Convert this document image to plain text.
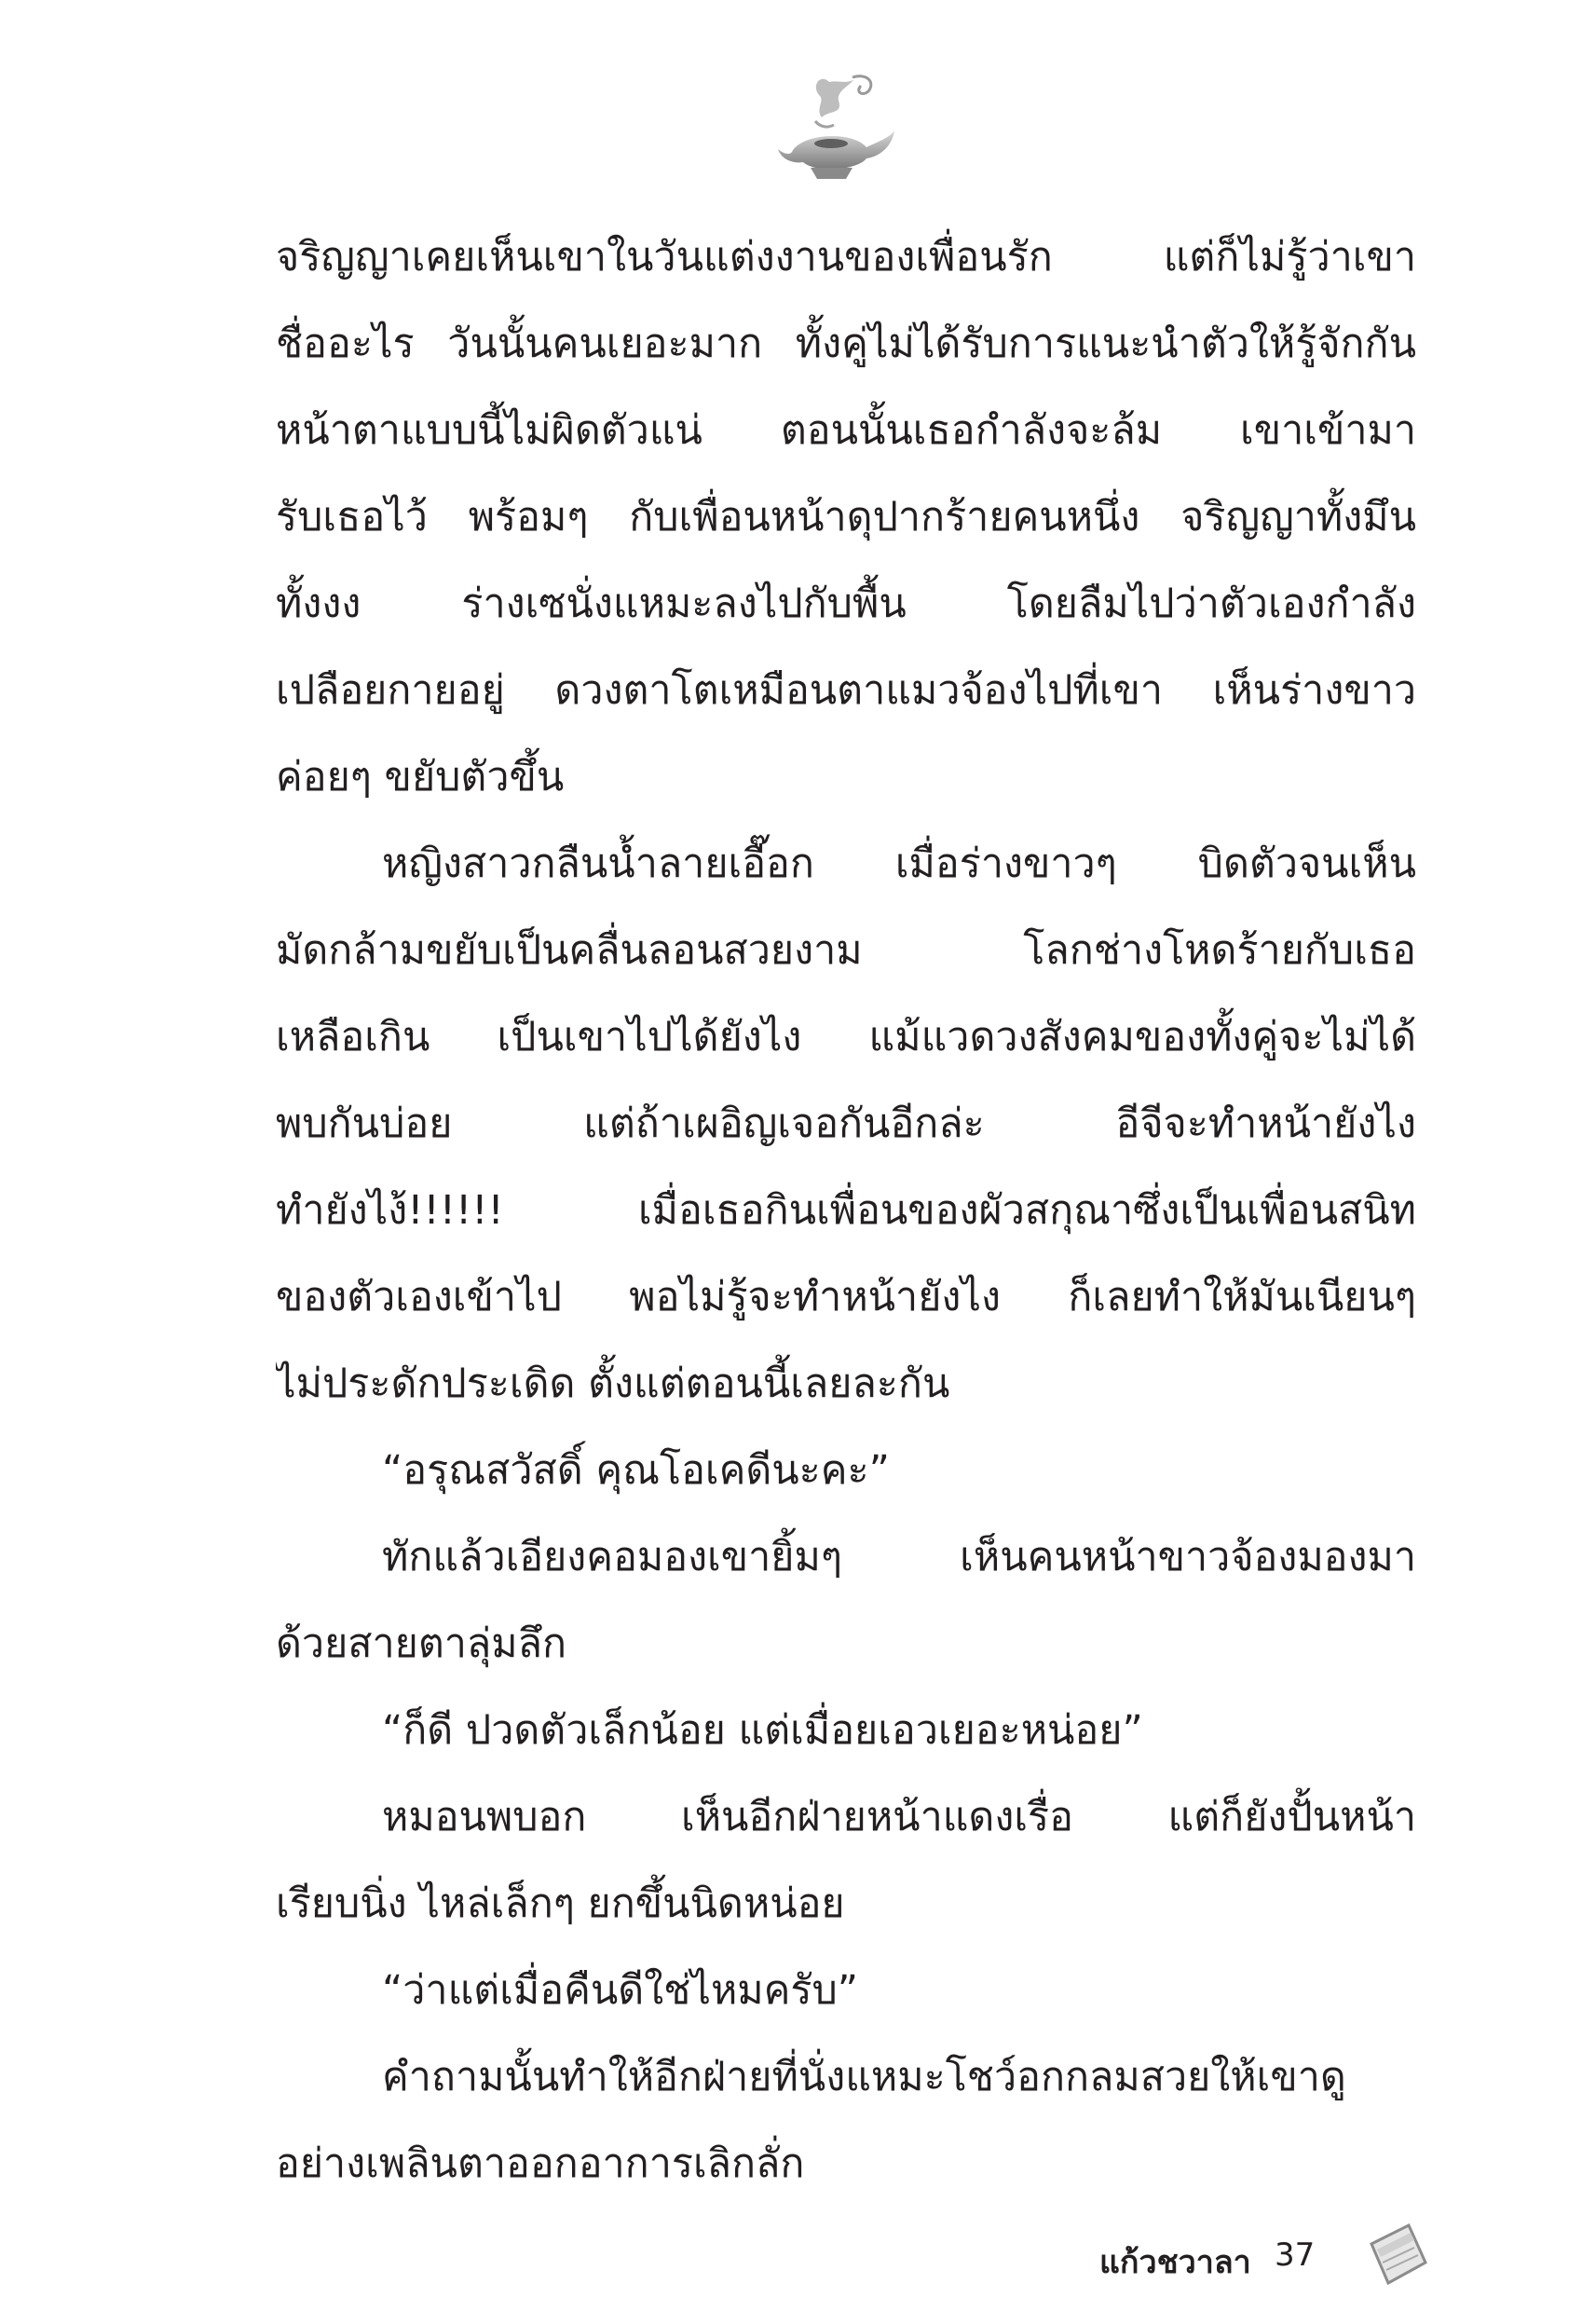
จริญญาเคยเห็นเขาในวันแต่งงานของเพื่อนรัก แต่ก็ไม่รู้ว่าเขา
ชื่ออะไร วันนั้นคนเยอะมาก ทั้งคู่ไม่ได้รับการแนะนำตัวให้รู้จักกัน
หน้าตาแบบนี้ไม่ผิดตัวแน่ ตอนนั้นเธอกำลังจะล้ม เขาเข้ามา
รับเธอไว้ พร้อมๆ กับเพื่อนหน้าดุปากร้ายคนหนึ่ง จริญญาทั้งมึน
ทั้งงง ร่างเซนั่งแหมะลงไปกับพื้น โดยลืมไปว่าตัวเองกำลัง
เปลือยกายอยู่ ดวงตาโตเหมือนตาแมวจ้องไปที่เขา เห็นร่างขาว
ค่อยๆ ขยับตัวขึ้น
หญิงสาวกลืนน้ำลายเอื๊อก เมื่อร่างขาวๆ บิดตัวจนเห็น
มัดกล้ามขยับเป็นคลื่นลอนสวยงาม โลกช่างโหดร้ายกับเธอ
เหลือเกิน เป็นเขาไปได้ยังไง แม้แวดวงสังคมของทั้งคู่จะไม่ได้
พบกันบ่อย แต่ถ้าเผอิญเจอกันอีกล่ะ อีจีจะทำหน้ายังไง
ทำยังไง้!!!!!! เมื่อเธอกินเพื่อนของผัวสกุณาซึ่งเป็นเพื่อนสนิท
ของตัวเองเข้าไป พอไม่รู้จะทำหน้ายังไง ก็เลยทำให้มันเนียนๆ
ไม่ประดักประเดิด ตั้งแต่ตอนนี้เลยละกัน
“อรุณสวัสดิ์ คุณโอเคดีนะคะ”
ทักแล้วเอียงคอมองเขายิ้มๆ เห็นคนหน้าขาวจ้องมองมา
ด้วยสายตาลุ่มลึก
“ก็ดี ปวดตัวเล็กน้อย แต่เมื่อยเอวเยอะหน่อย”
หมอนพบอก เห็นอีกฝ่ายหน้าแดงเรื่อ แต่ก็ยังปั้นหน้า
เรียบนิ่ง ไหล่เล็กๆ ยกขึ้นนิดหน่อย
“ว่าแต่เมื่อคืนดีใช่ไหมครับ”
คำถามนั้นทำให้อีกฝ่ายที่นั่งแหมะโชว์อกกลมสวยให้เขาดู
อย่างเพลินตาออกอาการเลิกลั่ก
แก้วชวาลา 37
